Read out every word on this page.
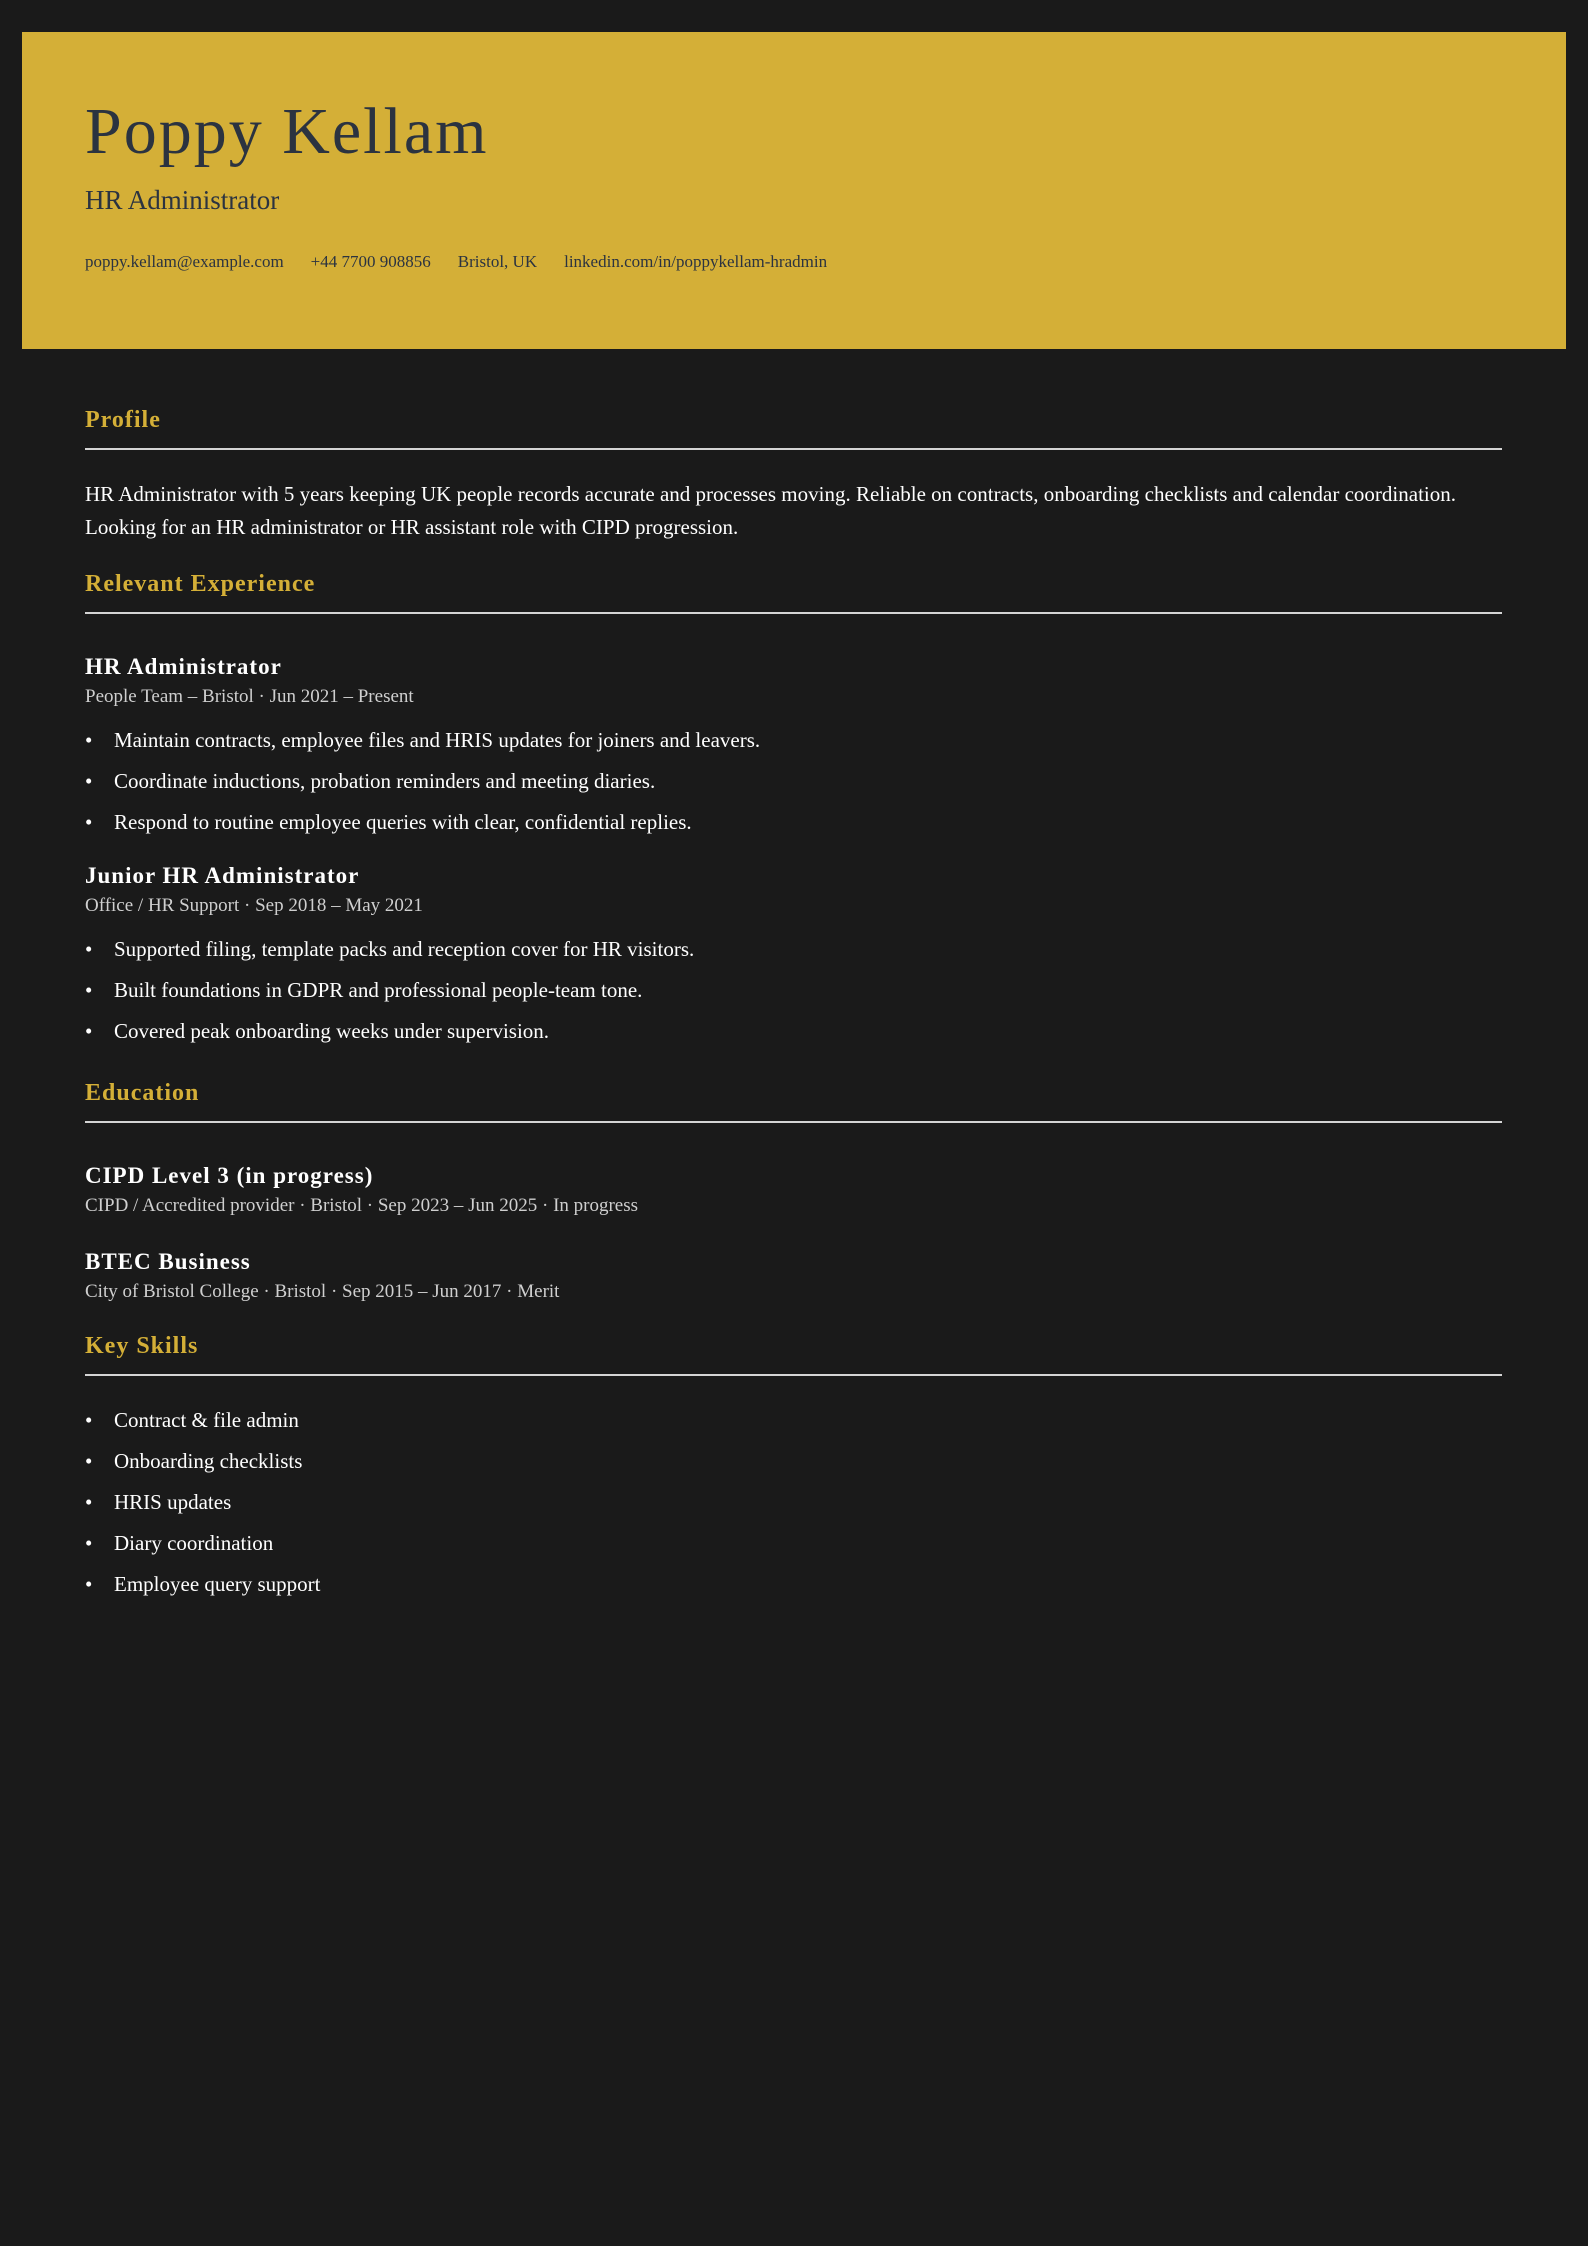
Poppy Kellam
HR Administrator
poppy.kellam@example.com +44 7700 908856 Bristol, UK linkedin.com/in/poppykellam-hradmin
Profile

HR Administrator with 5 years keeping UK people records accurate and processes moving. Reliable on contracts, onboarding checklists and calendar coordination. Looking for an HR administrator or HR assistant role with CIPD progression.

Relevant Experience
HR Administrator

People Team – Bristol · Jun 2021 – Present

• Maintain contracts, employee files and HRIS updates for joiners and leavers.
• Coordinate inductions, probation reminders and meeting diaries.
• Respond to routine employee queries with clear, confidential replies.
Junior HR Administrator

Office / HR Support · Sep 2018 – May 2021

• Supported filing, template packs and reception cover for HR visitors.
• Built foundations in GDPR and professional people-team tone.
• Covered peak onboarding weeks under supervision.
Education
CIPD Level 3 (in progress)

CIPD / Accredited provider · Bristol · Sep 2023 – Jun 2025 · In progress

BTEC Business

City of Bristol College · Bristol · Sep 2015 – Jun 2017 · Merit

Key Skills
• Contract & file admin
• Onboarding checklists
• HRIS updates
• Diary coordination
• Employee query support
